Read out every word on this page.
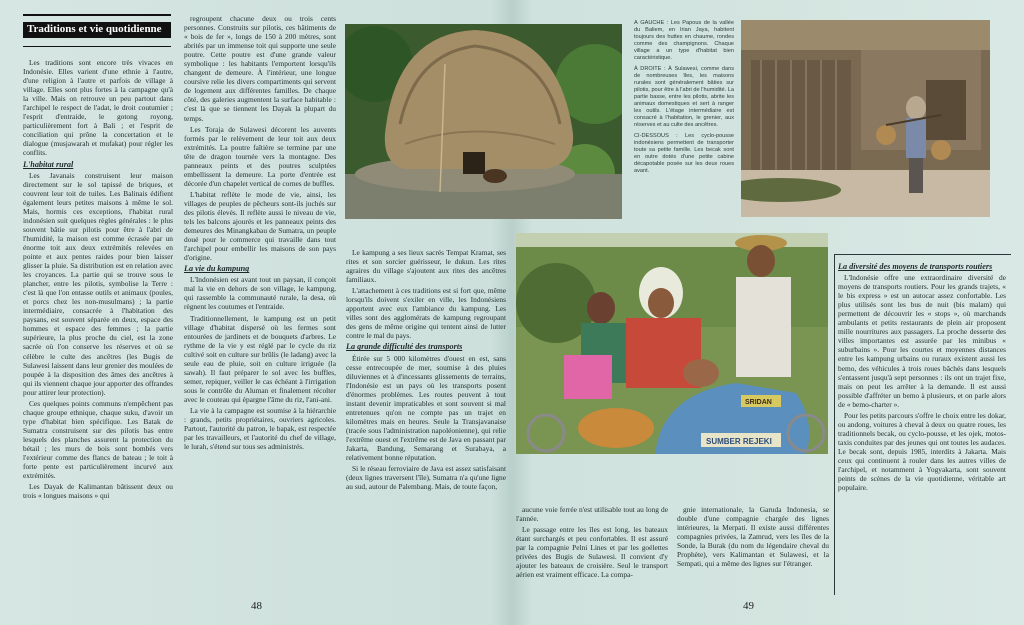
Traditions et vie quotidienne

Les traditions sont encore très vivaces en Indonésie. Elles varient d'une ethnie à l'autre, d'une religion à l'autre et parfois de village à village. Elles sont plus fortes à la campagne qu'à la ville. Mais on retrouve un peu partout dans l'archipel le respect de l'adat, le droit coutumier ; l'esprit d'entraide, le gotong royong, particulièrement fort à Bali ; et l'esprit de conciliation qui prône la concertation et le dialogue (musjawarah et mufakat) pour régler les conflits.

L'habitat rural

Les Javanais construisent leur maison directement sur le sol tapissé de briques, et couvrent leur toit de tuiles. Les Balinais édifient également leurs petites maisons à même le sol. Mais, hormis ces exceptions, l'habitat rural indonésien suit quelques règles générales : le plus souvent bâtie sur pilotis pour être à l'abri de l'humidité, la maison est comme écrasée par un énorme toit aux deux extrémités relevées en pointe et aux pentes raides pour bien laisser glisser la pluie. Sa distribution est en relation avec les croyances. La partie qui se trouve sous le plancher, entre les pilotis, symbolise la Terre : c'est là que l'on entasse outils et animaux (poules, et porcs chez les non-musulmans) ; la partie intermédiaire, consacrée à l'habitation des paysans, est souvent séparée en deux, espace des hommes et espace des femmes ; la partie supérieure, la plus proche du ciel, est la zone sacrée où l'on conserve les réserves et où se célèbre le culte des ancêtres (les Bugis de Sulawesi laissent dans leur grenier des moulées de poupée à la disposition des âmes des ancêtres à qui ils viennent chaque jour apporter des offrandes pour attirer leur protection).

Ces quelques points communs n'empêchent pas chaque groupe ethnique, chaque suku, d'avoir un type d'habitat bien spécifique. Les Batak de Sumatra construisent sur des pilotis bas entre lesquels des planches assurent la protection du bétail ; les murs de bois sont bombés vers l'extérieur comme des flancs de bateau ; le toit à forte pente est particulièrement incurvé aux extrémités.

Les Dayak de Kalimantan bâtissent deux ou trois « longues maisons » qui

regroupent chacune deux ou trois cents personnes. Construits sur pilotis, ces bâtiments de « bois de fer », longs de 150 à 200 mètres, sont abrités par un immense toit qui supporte une seule poutre. Cette poutre est d'une grande valeur symbolique : les habitants l'emportent lorsqu'ils changent de demeure. À l'intérieur, une longue coursive relie les divers compartiments qui servent de logement aux différentes familles. De chaque côté, des galeries augmentent la surface habitable : c'est là que se tiennent les Dayak la plupart du temps.

Les Toraja de Sulawesi décorent les auvents formés par le relèvement de leur toit aux deux extrémités. La poutre faîtière se termine par une tête de dragon tournée vers la montagne. Des panneaux peints et des poutres sculptées embellissent la demeure. La porte d'entrée est décorée d'un chapelet vertical de cornes de buffles.

L'habitat reflète le mode de vie, ainsi, les villages de peuples de pêcheurs sont-ils juchés sur des pilotis élevés. Il reflète aussi le niveau de vie, tels les balcons ajourés et les panneaux peints des demeures des Minangkabau de Sumatra, un peuple doué pour le commerce qui travaille dans tout l'archipel pour embellir les maisons de son pays d'origine.

La vie du kampung

L'Indonésien est avant tout un paysan, il conçoit mal la vie en dehors de son village, le kampung, qui rassemble la communauté rurale, la desa, où règnent les coutumes et l'entraide.

Traditionnellement, le kampung est un petit village d'habitat dispersé où les fermes sont entourées de jardinets et de bouquets d'arbres. Le rythme de la vie y est réglé par le cycle du riz cultivé soit en culture sur brûlis (le ladang) avec la seule eau de pluie, soit en culture irriguée (la sawah). Il faut préparer le sol avec les buffles, semer, repiquer, veiller le cas échéant à l'irrigation sous le contrôle du Aluman et finalement récolter avec le couteau qui épargne l'âme du riz, l'ani-ani.

La vie à la campagne est soumise à la hiérarchie : grands, petits propriétaires, ouvriers agricoles. Partout, l'autorité du patron, le bapak, est respectée par les travailleurs, et l'autorité du chef de village, le lurah, s'étend sur tous ses administrés.

Le kampung a ses lieux sacrés Tempat Kramat, ses rites et son sorcier guérisseur, le dukun. Les rites agraires du village s'ajoutent aux rites des ancêtres familiaux.

L'attachement à ces traditions est si fort que, même lorsqu'ils doivent s'exiler en ville, les Indonésiens apportent avec eux l'ambiance du kampung. Les villes sont des agglomérats de kampung regroupant des gens de même origine qui tentent ainsi de lutter contre le mal du pays.

La grande difficulté des transports

Étirée sur 5 000 kilomètres d'ouest en est, sans cesse entrecoupée de mer, soumise à des pluies diluviennes et à d'incessants glissements de terrains, l'Indonésie est un pays où les transports posent d'énormes problèmes. Les routes peuvent à tout instant devenir impraticables et sont souvent si mal entretenues qu'on ne compte pas un trajet en kilomètres mais en heures. Seule la Transjavanaise (tracée sous l'administration napoléonienne), qui relie l'extrême ouest et l'extrême est de Java en passant par Jakarta, Bandung, Semarang et Surabaya, a relativement bonne réputation.

Si le réseau ferroviaire de Java est assez satisfaisant (deux lignes traversent l'île), Sumatra n'a qu'une ligne au sud, autour de Palembang. Mais, de toute façon,

48

À GAUCHE : Les Papous de la vallée du Baliem, en Irian Jaya, habitent toujours des huttes en chaume, rondes comme des champignons. Chaque village a un type d'habitat bien caractéristique.

À DROITE : À Sulawesi, comme dans de nombreuses îles, les maisons rurales sont généralement bâties sur pilotis, pour être à l'abri de l'humidité. La partie basse, entre les pilotis, abrite les animaux domestiques et sert à ranger les outils. L'étage intermédiaire est consacré à l'habitation, le grenier, aux réserves et au culte des ancêtres.

CI-DESSOUS : Les cyclo-pousse indonésiens permettent de transporter toute sa petite famille. Les becak sont en outre dotés d'une petite cabine décapotable posée sur les deux roues avant.

SUMBER REJEKI
SRIDAN

aucune voie ferrée n'est utilisable tout au long de l'année.

Le passage entre les îles est long, les bateaux étant surchargés et peu confortables. Il est assuré par la compagnie Pelni Lines et par les goélettes privées des Bugis de Sulawesi. Il convient d'y ajouter les bateaux de croisière. Seul le transport aérien est vraiment efficace. La compa-

gnie internationale, la Garuda Indonesia, se double d'une compagnie chargée des lignes intérieures, la Merpati. Il existe aussi différentes compagnies privées, la Zamrud, vers les îles de la Sonde, la Burak (du nom du légendaire cheval du Prophète), vers Kalimantan et Sulawesi, et la Sempati, qui a même des lignes sur l'étranger.

La diversité des moyens de transports routiers

L'Indonésie offre une extraordinaire diversité de moyens de transports routiers. Pour les grands trajets, « le bis express » est un autocar assez confortable. Les plus utilisés sont les bus de nuit (bis malam) qui permettent de découvrir les « stops », où marchands ambulants et petits restaurants de plein air proposent mille nourritures aux passagers. La proche desserte des villes importantes est assurée par les minibus « suburbains ». Pour les courtes et moyennes distances entre les kampung urbains ou ruraux existent aussi les bemo, des véhicules à trois roues bâchés dans lesquels s'entassent jusqu'à sept personnes : ils ont un trajet fixe, mais on peut les arrêter à la demande. Il est aussi possible d'affréter un bemo à plusieurs, et on parle alors de « bemo-charter ».

Pour les petits parcours s'offre le choix entre les dokar, ou andong, voitures à cheval à deux ou quatre roues, les traditionnels becak, ou cyclo-pousse, et les ojek, motos-taxis conduites par des jeunes qui ont toutes les audaces. Le becak sont, depuis 1985, interdits à Jakarta. Mais ceux qui continuent à rouler dans les autres villes de l'archipel, et notamment à Yogyakarta, sont souvent peints de scènes de la vie quotidienne, véritable art populaire.

49
